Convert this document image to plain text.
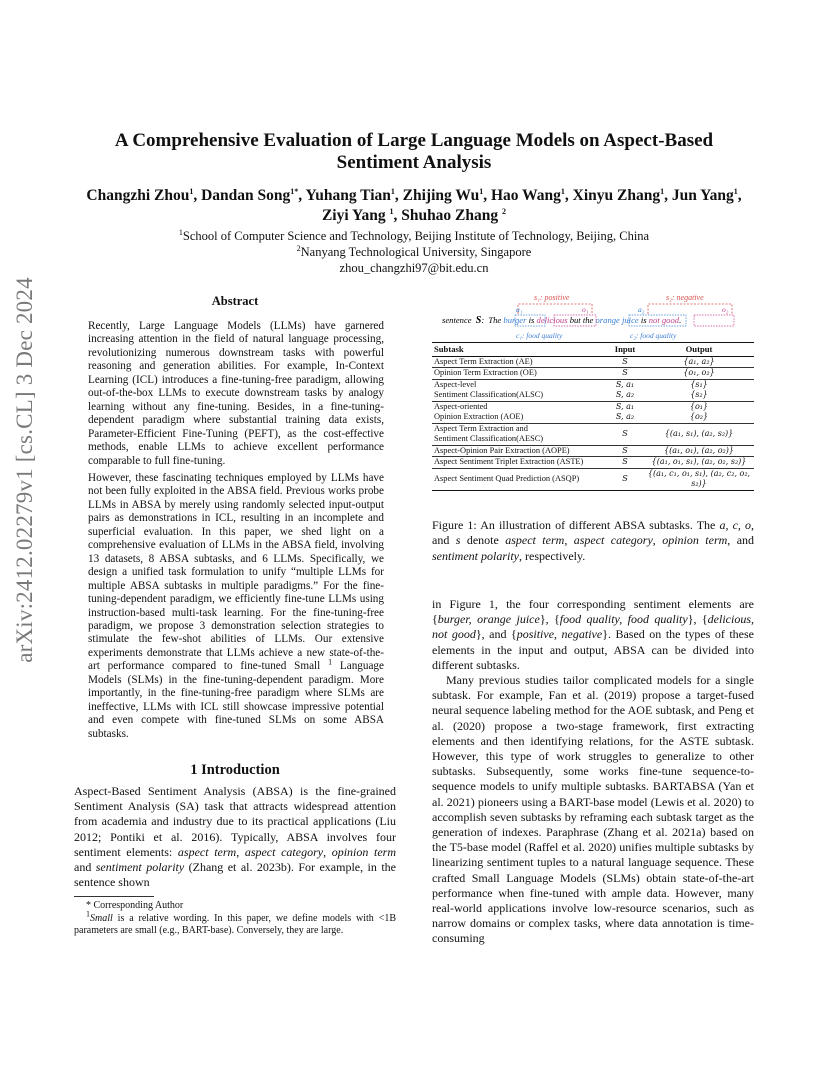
arXiv:2412.02279v1 [cs.CL] 3 Dec 2024
A Comprehensive Evaluation of Large Language Models on Aspect-Based
Sentiment Analysis
Changzhi Zhou$^1$, Dandan Song$^{1*}$, Yuhang Tian$^1$, Zhijing Wu$^1$, Hao Wang$^1$, Xinyu Zhang$^1$, Jun Yang$^1$, Ziyi Yang $^1$, Shuhao Zhang $^2$
$^1$School of Computer Science and Technology, Beijing Institute of Technology, Beijing, China
$^2$Nanyang Technological University, Singapore
zhou_changzhi97@bit.edu.cn
Abstract

Recently, Large Language Models (LLMs) have garnered increasing attention in the field of natural language processing, revolutionizing numerous downstream tasks with powerful reasoning and generation abilities. For example, In-Context Learning (ICL) introduces a fine-tuning-free paradigm, allowing out-of-the-box LLMs to execute downstream tasks by analogy learning without any fine-tuning. Besides, in a fine-tuning-dependent paradigm where substantial training data exists, Parameter-Efficient Fine-Tuning (PEFT), as the cost-effective methods, enable LLMs to achieve excellent performance comparable to full fine-tuning.

However, these fascinating techniques employed by LLMs have not been fully exploited in the ABSA field. Previous works probe LLMs in ABSA by merely using randomly selected input-output pairs as demonstrations in ICL, resulting in an incomplete and superficial evaluation. In this paper, we shed light on a comprehensive evaluation of LLMs in the ABSA field, involving 13 datasets, 8 ABSA subtasks, and 6 LLMs. Specifically, we design a unified task formulation to unify “multiple LLMs for multiple ABSA subtasks in multiple paradigms.” For the fine-tuning-dependent paradigm, we efficiently fine-tune LLMs using instruction-based multi-task learning. For the fine-tuning-free paradigm, we propose 3 demonstration selection strategies to stimulate the few-shot abilities of LLMs. Our extensive experiments demonstrate that LLMs achieve a new state-of-the-art performance compared to fine-tuned Small $^1$ Language Models (SLMs) in the fine-tuning-dependent paradigm. More importantly, in the fine-tuning-free paradigm where SLMs are ineffective, LLMs with ICL still showcase impressive potential and even compete with fine-tuned SLMs on some ABSA subtasks.

1 Introduction

Aspect-Based Sentiment Analysis (ABSA) is the fine-grained Sentiment Analysis (SA) task that attracts widespread attention from academia and industry due to its practical applications (Liu 2012; Pontiki et al. 2016). Typically, ABSA involves four sentiment elements: aspect term, aspect category, opinion term and sentiment polarity (Zhang et al. 2023b). For example, in the sentence shown

* Corresponding Author

$^1$Small is a relative wording. In this paper, we define models with <1B parameters are small (e.g., BART-base). Conversely, they are large.

s₁: positive	s₂: negative
a₁	o₁	a₂	o₂
sentence S: The burger is delicious but the orange juice is not good.
c₁: food quality	c₂: food quality
Subtask	Input	Output
Aspect Term Extraction (AE)	S	{a₁, a₂}
Opinion Term Extraction (OE)	S	{o₁, o₂}
Aspect-level	S, a₁	{s₁}
Sentiment Classification(ALSC)	S, a₂	{s₂}
Aspect-oriented	S, a₁	{o₁}
Opinion Extraction (AOE)	S, a₂	{o₂}

Aspect Term Extraction and
Sentiment Classification(AESC)	S	{(a₁, s₁), (a₂, s₂)}
Aspect-Opinion Pair Extraction (AOPE)	S	{(a₁, o₁), (a₂, o₂)}
Aspect Sentiment Triplet Extraction (ASTE)	S	{(a₁, o₁, s₁), (a₂, o₂, s₂)}
Aspect Sentiment Quad Prediction (ASQP)	S	{(a₁, c₁, o₁, s₁), (a₂, c₂, o₂, s₂)}
Figure 1: An illustration of different ABSA subtasks. The a, c, o, and s denote aspect term, aspect category, opinion term, and sentiment polarity, respectively.

in Figure 1, the four corresponding sentiment elements are {burger, orange juice}, {food quality, food quality}, {delicious, not good}, and {positive, negative}. Based on the types of these elements in the input and output, ABSA can be divided into different subtasks.

Many previous studies tailor complicated models for a single subtask. For example, Fan et al. (2019) propose a target-fused neural sequence labeling method for the AOE subtask, and Peng et al. (2020) propose a two-stage framework, first extracting elements and then identifying relations, for the ASTE subtask. However, this type of work struggles to generalize to other subtasks. Subsequently, some works fine-tune sequence-to-sequence models to unify multiple subtasks. BARTABSA (Yan et al. 2021) pioneers using a BART-base model (Lewis et al. 2020) to accomplish seven subtasks by reframing each subtask target as the generation of indexes. Paraphrase (Zhang et al. 2021a) based on the T5-base model (Raffel et al. 2020) unifies multiple subtasks by linearizing sentiment tuples to a natural language sequence. These crafted Small Language Models (SLMs) obtain state-of-the-art performance when fine-tuned with ample data. However, many real-world applications involve low-resource scenarios, such as narrow domains or complex tasks, where data annotation is time-consuming
